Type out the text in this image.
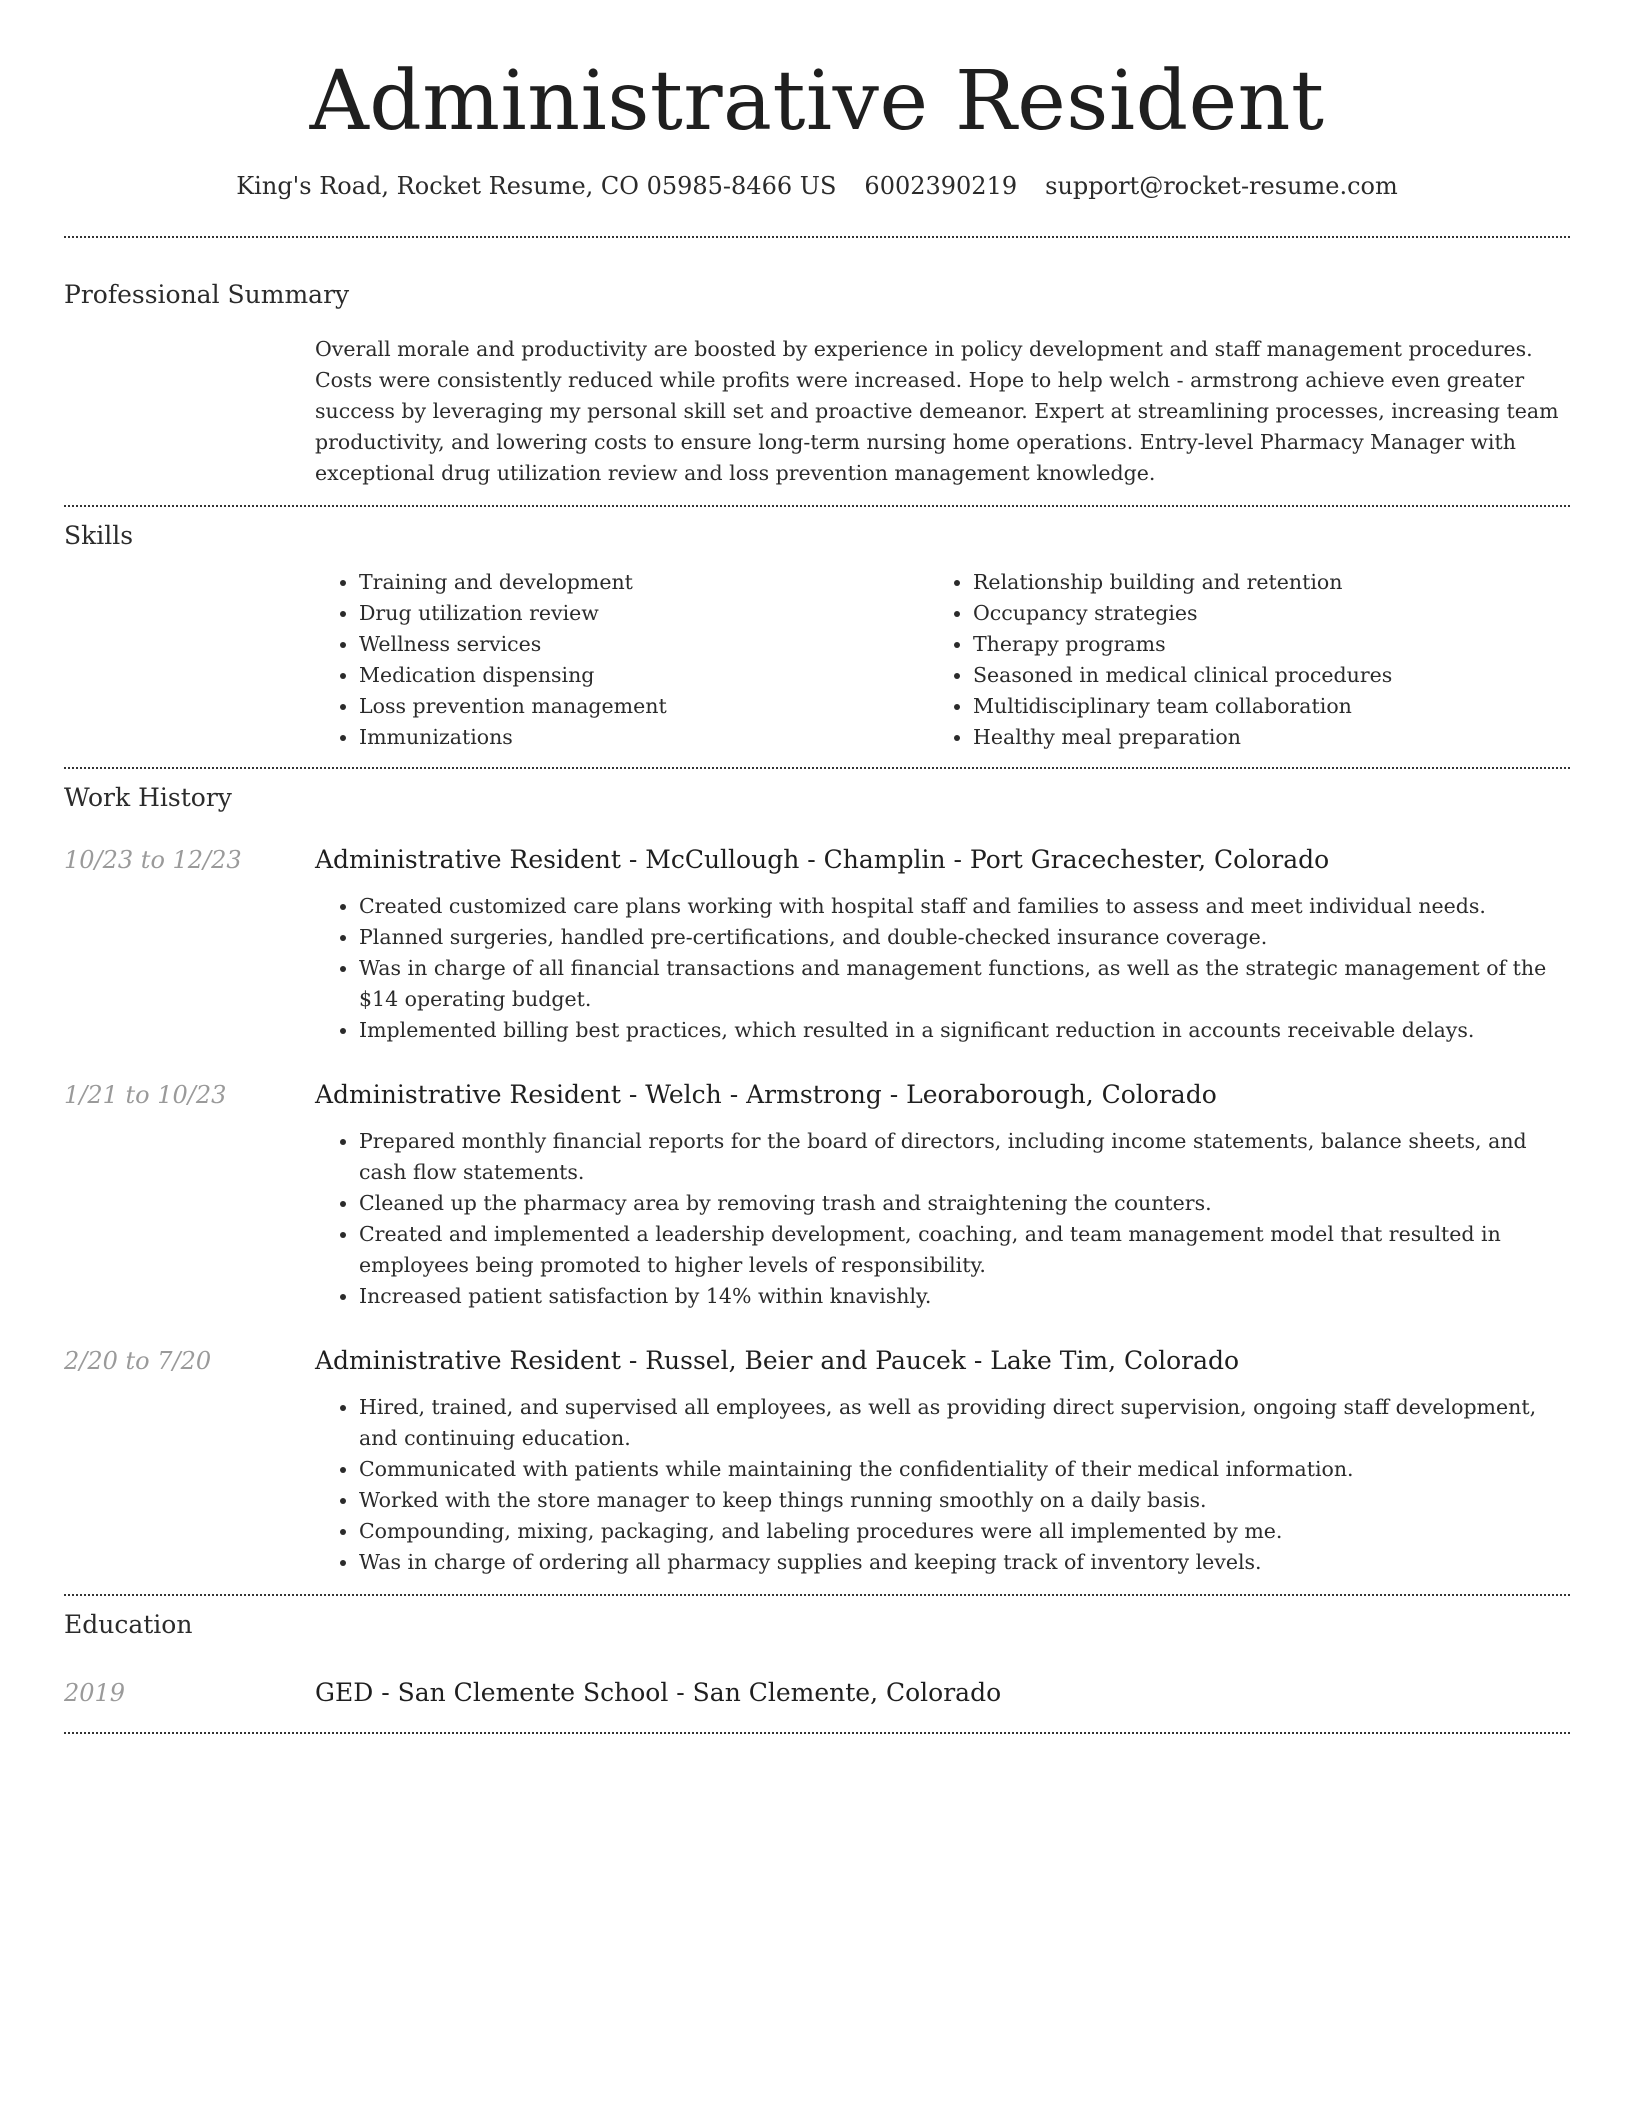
Administrative Resident
King's Road, Rocket Resume, CO 05985-8466 US 6002390219 support@rocket-resume.com
Professional Summary
Overall morale and productivity are boosted by experience in policy development and staff management procedures. Costs were consistently reduced while profits were increased. Hope to help welch - armstrong achieve even greater success by leveraging my personal skill set and proactive demeanor. Expert at streamlining processes, increasing team productivity, and lowering costs to ensure long-term nursing home operations. Entry-level Pharmacy Manager with exceptional drug utilization review and loss prevention management knowledge.
Skills
• Training and development
• Drug utilization review
• Wellness services
• Medication dispensing
• Loss prevention management
• Immunizations
• Relationship building and retention
• Occupancy strategies
• Therapy programs
• Seasoned in medical clinical procedures
• Multidisciplinary team collaboration
• Healthy meal preparation
Work History
10/23 to 12/23	Administrative Resident - McCullough - Champlin - Port Gracechester, Colorado
• Created customized care plans working with hospital staff and families to assess and meet individual needs.
• Planned surgeries, handled pre-certifications, and double-checked insurance coverage.
• Was in charge of all financial transactions and management functions, as well as the strategic management of the $14 operating budget.
• Implemented billing best practices, which resulted in a significant reduction in accounts receivable delays.
1/21 to 10/23	Administrative Resident - Welch - Armstrong - Leoraborough, Colorado
• Prepared monthly financial reports for the board of directors, including income statements, balance sheets, and cash flow statements.
• Cleaned up the pharmacy area by removing trash and straightening the counters.
• Created and implemented a leadership development, coaching, and team management model that resulted in employees being promoted to higher levels of responsibility.
• Increased patient satisfaction by 14% within knavishly.
2/20 to 7/20	Administrative Resident - Russel, Beier and Paucek - Lake Tim, Colorado
• Hired, trained, and supervised all employees, as well as providing direct supervision, ongoing staff development, and continuing education.
• Communicated with patients while maintaining the confidentiality of their medical information.
• Worked with the store manager to keep things running smoothly on a daily basis.
• Compounding, mixing, packaging, and labeling procedures were all implemented by me.
• Was in charge of ordering all pharmacy supplies and keeping track of inventory levels.
Education
2019	GED - San Clemente School - San Clemente, Colorado
